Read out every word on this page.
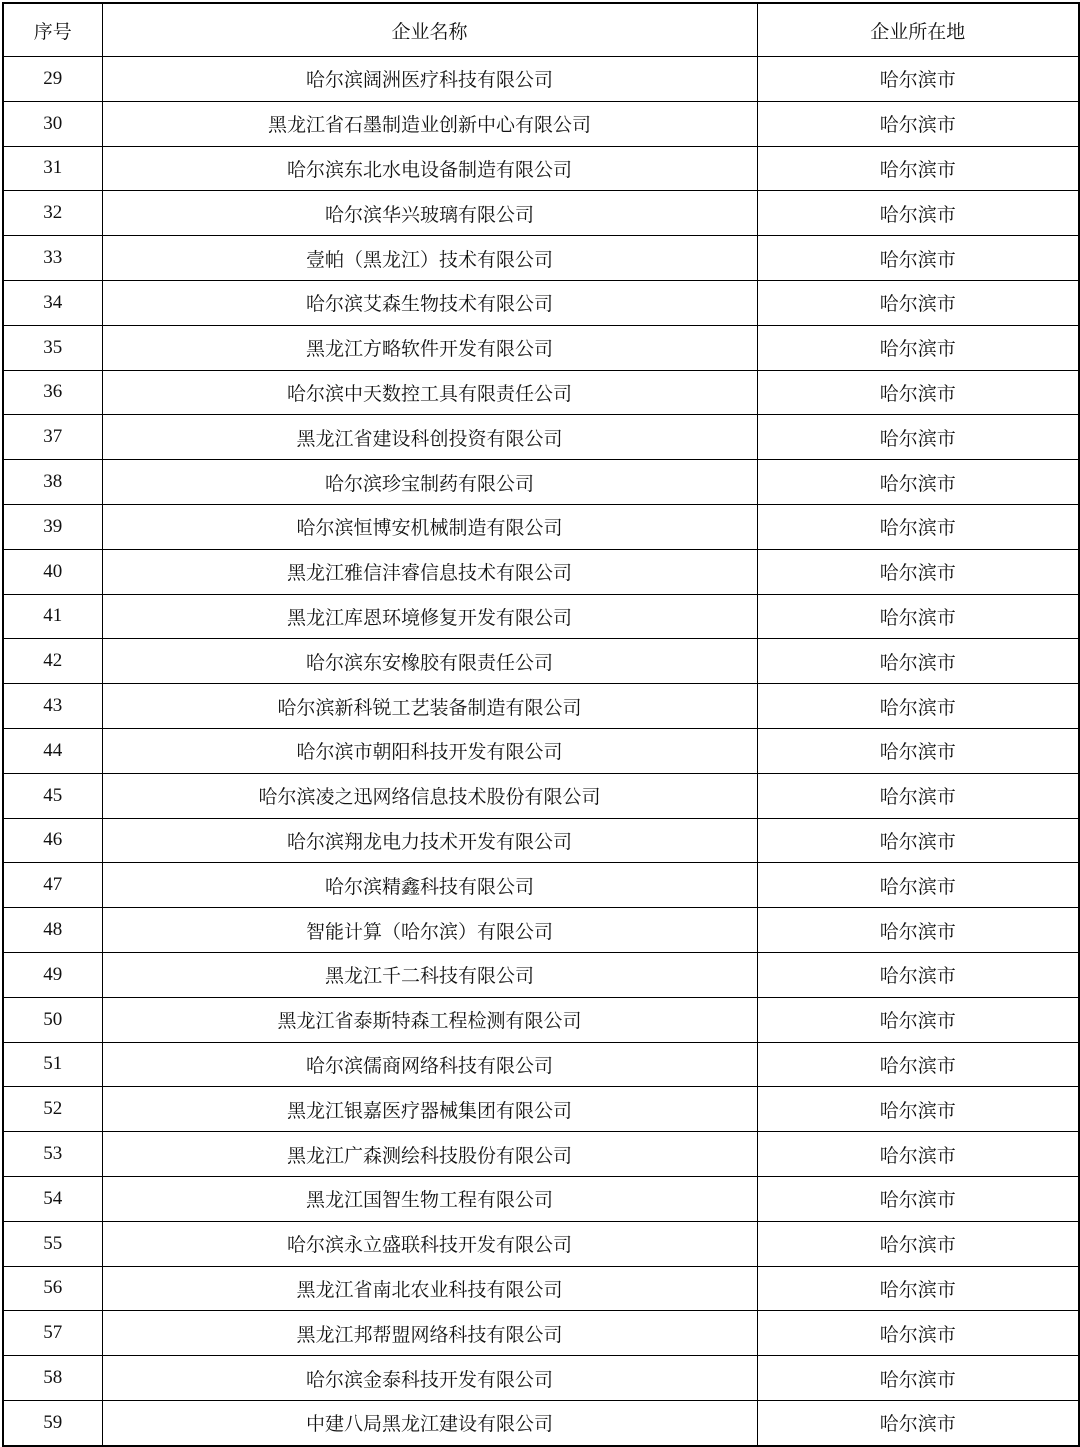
序号	企业名称	企业所在地
29	哈尔滨阔洲医疗科技有限公司	哈尔滨市
30	黑龙江省石墨制造业创新中心有限公司	哈尔滨市
31	哈尔滨东北水电设备制造有限公司	哈尔滨市
32	哈尔滨华兴玻璃有限公司	哈尔滨市
33	壹帕（黑龙江）技术有限公司	哈尔滨市
34	哈尔滨艾森生物技术有限公司	哈尔滨市
35	黑龙江方略软件开发有限公司	哈尔滨市
36	哈尔滨中天数控工具有限责任公司	哈尔滨市
37	黑龙江省建设科创投资有限公司	哈尔滨市
38	哈尔滨珍宝制药有限公司	哈尔滨市
39	哈尔滨恒博安机械制造有限公司	哈尔滨市
40	黑龙江雅信沣睿信息技术有限公司	哈尔滨市
41	黑龙江库恩环境修复开发有限公司	哈尔滨市
42	哈尔滨东安橡胶有限责任公司	哈尔滨市
43	哈尔滨新科锐工艺装备制造有限公司	哈尔滨市
44	哈尔滨市朝阳科技开发有限公司	哈尔滨市
45	哈尔滨凌之迅网络信息技术股份有限公司	哈尔滨市
46	哈尔滨翔龙电力技术开发有限公司	哈尔滨市
47	哈尔滨精鑫科技有限公司	哈尔滨市
48	智能计算（哈尔滨）有限公司	哈尔滨市
49	黑龙江千二科技有限公司	哈尔滨市
50	黑龙江省泰斯特森工程检测有限公司	哈尔滨市
51	哈尔滨儒商网络科技有限公司	哈尔滨市
52	黑龙江银嘉医疗器械集团有限公司	哈尔滨市
53	黑龙江广森测绘科技股份有限公司	哈尔滨市
54	黑龙江国智生物工程有限公司	哈尔滨市
55	哈尔滨永立盛联科技开发有限公司	哈尔滨市
56	黑龙江省南北农业科技有限公司	哈尔滨市
57	黑龙江邦帮盟网络科技有限公司	哈尔滨市
58	哈尔滨金泰科技开发有限公司	哈尔滨市
59	中建八局黑龙江建设有限公司	哈尔滨市
